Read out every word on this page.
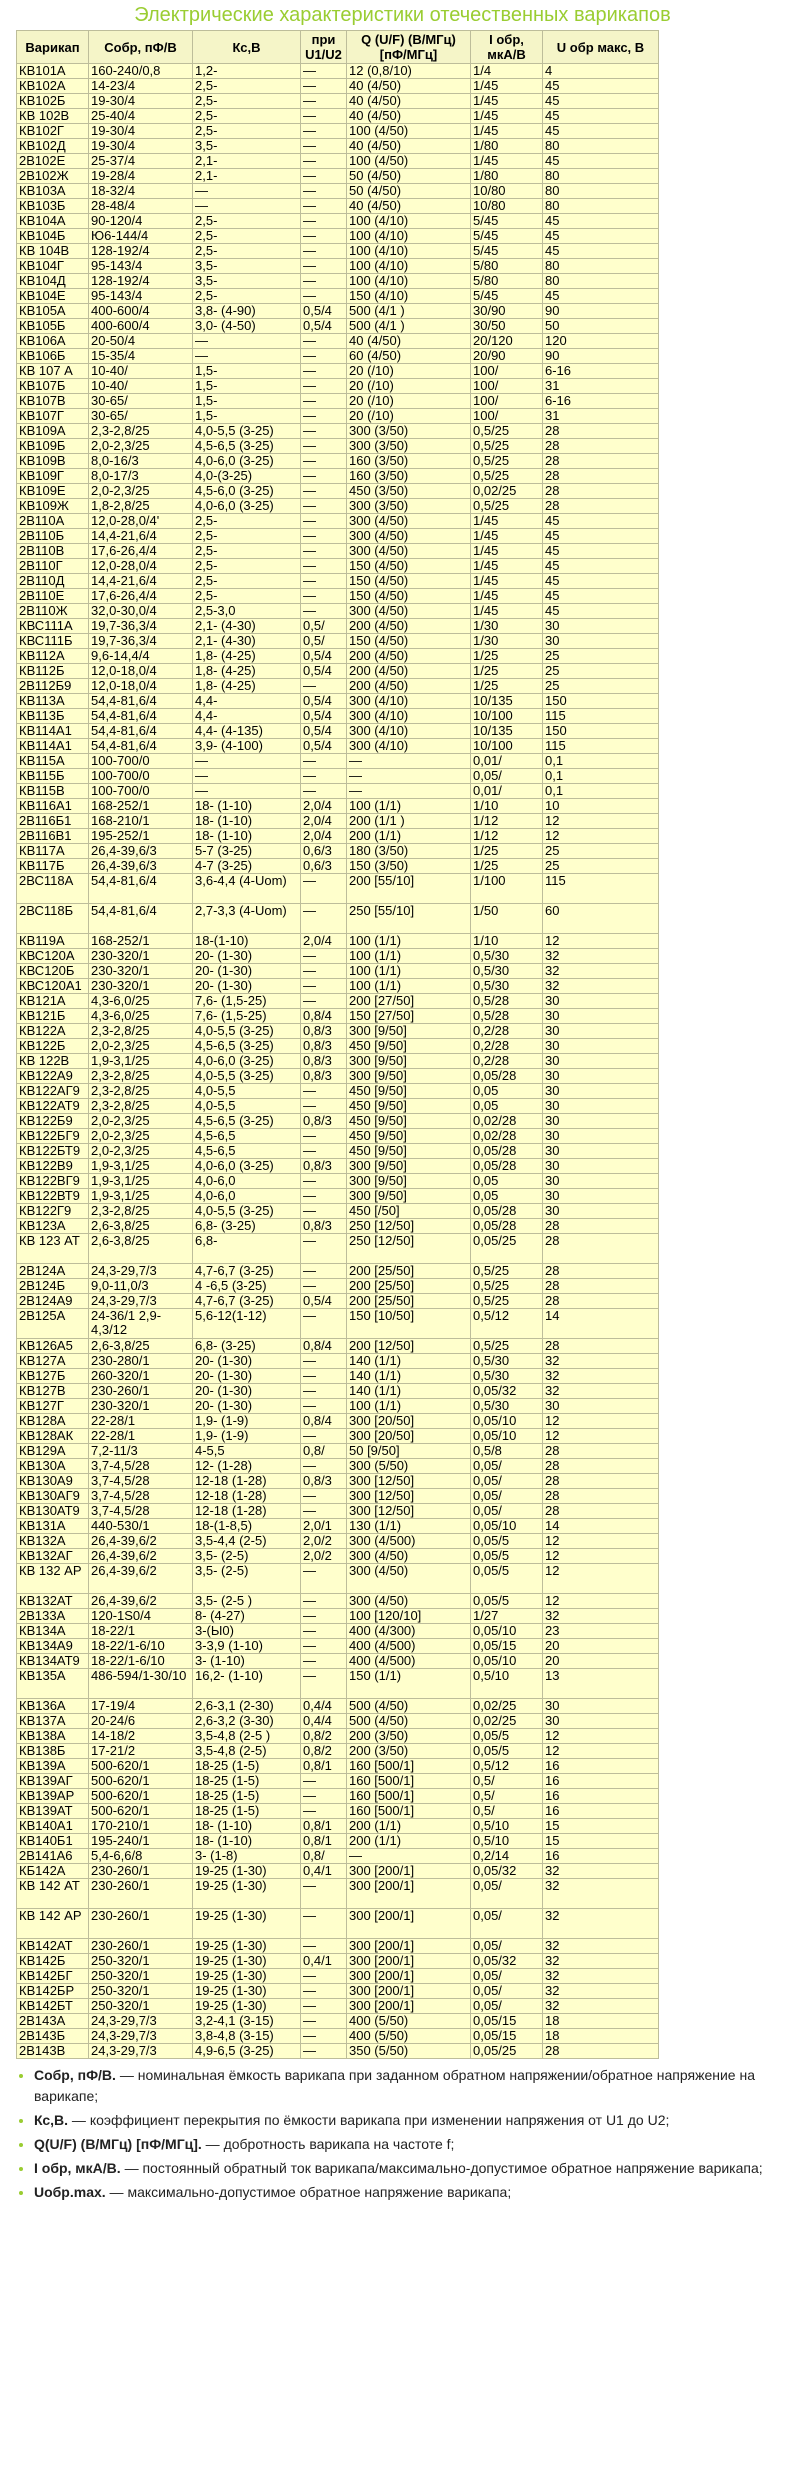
Электрические характеристики отечественных варикапов
Варикап	Собр, пФ/В	Кс,В	при U1/U2	Q (U/F) (В/МГц) [пФ/МГц]	I обр, мкА/В	U обр макс, В
КВ101А	160-240/0,8	1,2-	—	12 (0,8/10)	1/4	4
КВ102А	14-23/4	2,5-	—	40 (4/50)	1/45	45
КВ102Б	19-30/4	2,5-	—	40 (4/50)	1/45	45
КВ 102В	25-40/4	2,5-	—	40 (4/50)	1/45	45
КВ102Г	19-30/4	2,5-	—	100 (4/50)	1/45	45
КВ102Д	19-30/4	3,5-	—	40 (4/50)	1/80	80
2В102Е	25-37/4	2,1-	—	100 (4/50)	1/45	45
2В102Ж	19-28/4	2,1-	—	50 (4/50)	1/80	80
КВ103А	18-32/4	—	—	50 (4/50)	10/80	80
КВ103Б	28-48/4	—	—	40 (4/50)	10/80	80
КВ104А	90-120/4	2,5-	—	100 (4/10)	5/45	45
КВ104Б	Ю6-144/4	2,5-	—	100 (4/10)	5/45	45
КВ 104В	128-192/4	2,5-	—	100 (4/10)	5/45	45
КВ104Г	95-143/4	3,5-	—	100 (4/10)	5/80	80
КВ104Д	128-192/4	3,5-	—	100 (4/10)	5/80	80
КВ104Е	95-143/4	2,5-	—	150 (4/10)	5/45	45
КВ105А	400-600/4	3,8- (4-90)	0,5/4	500 (4/1 )	30/90	90
КВ105Б	400-600/4	3,0- (4-50)	0,5/4	500 (4/1 )	30/50	50
КВ106А	20-50/4	—	—	40 (4/50)	20/120	120
КВ106Б	15-35/4	—	—	60 (4/50)	20/90	90
КВ 107 А	10-40/	1,5-	—	20 (/10)	100/	6-16
КВ107Б	10-40/	1,5-	—	20 (/10)	100/	31
КВ107В	30-65/	1,5-	—	20 (/10)	100/	6-16
КВ107Г	30-65/	1,5-	—	20 (/10)	100/	31
КВ109А	2,3-2,8/25	4,0-5,5 (3-25)	—	300 (3/50)	0,5/25	28
КВ109Б	2,0-2,3/25	4,5-6,5 (3-25)	—	300 (3/50)	0,5/25	28
КВ109В	8,0-16/3	4,0-6,0 (3-25)	—	160 (3/50)	0,5/25	28
КВ109Г	8,0-17/3	4,0-(3-25)	—	160 (3/50)	0,5/25	28
КВ109Е	2,0-2,3/25	4,5-6,0 (3-25)	—	450 (3/50)	0,02/25	28
КВ109Ж	1,8-2,8/25	4,0-6,0 (3-25)	—	300 (3/50)	0,5/25	28
2В110А	12,0-28,0/4'	2,5-	—	300 (4/50)	1/45	45
2В110Б	14,4-21,6/4	2,5-	—	300 (4/50)	1/45	45
2В110В	17,6-26,4/4	2,5-	—	300 (4/50)	1/45	45
2В110Г	12,0-28,0/4	2,5-	—	150 (4/50)	1/45	45
2В110Д	14,4-21,6/4	2,5-	—	150 (4/50)	1/45	45
2В110Е	17,6-26,4/4	2,5-	—	150 (4/50)	1/45	45
2В110Ж	32,0-30,0/4	2,5-3,0	—	300 (4/50)	1/45	45
КВС111А	19,7-36,3/4	2,1- (4-30)	0,5/	200 (4/50)	1/30	30
КВС111Б	19,7-36,3/4	2,1- (4-30)	0,5/	150 (4/50)	1/30	30
КВ112А	9,6-14,4/4	1,8- (4-25)	0,5/4	200 (4/50)	1/25	25
КВ112Б	12,0-18,0/4	1,8- (4-25)	0,5/4	200 (4/50)	1/25	25
2В112Б9	12,0-18,0/4	1,8- (4-25)	—	200 (4/50)	1/25	25
КВ113А	54,4-81,6/4	4,4-	0,5/4	300 (4/10)	10/135	150
КВ113Б	54,4-81,6/4	4,4-	0,5/4	300 (4/10)	10/100	115
КВ114А1	54,4-81,6/4	4,4- (4-135)	0,5/4	300 (4/10)	10/135	150
КВ114А1	54,4-81,6/4	3,9- (4-100)	0,5/4	300 (4/10)	10/100	115
КВ115А	100-700/0	—	—	—	0,01/	0,1
КВ115Б	100-700/0	—	—	—	0,05/	0,1
КВ115В	100-700/0	—	—	—	0,01/	0,1
КВ116А1	168-252/1	18- (1-10)	2,0/4	100 (1/1)	1/10	10
2В116Б1	168-210/1	18- (1-10)	2,0/4	200 (1/1 )	1/12	12
2В116В1	195-252/1	18- (1-10)	2,0/4	200 (1/1)	1/12	12
КВ117А	26,4-39,6/3	5-7 (3-25)	0,6/3	180 (3/50)	1/25	25
КВ117Б	26,4-39,6/3	4-7 (3-25)	0,6/3	150 (3/50)	1/25	25
2ВС118А	54,4-81,6/4	3,6-4,4 (4-Uom)	—	200 [55/10]	1/100	115
2ВС118Б	54,4-81,6/4	2,7-3,3 (4-Uom)	—	250 [55/10]	1/50	60
КВ119А	168-252/1	18-(1-10)	2,0/4	100 (1/1)	1/10	12
КВС120А	230-320/1	20- (1-30)	—	100 (1/1)	0,5/30	32
КВС120Б	230-320/1	20- (1-30)	—	100 (1/1)	0,5/30	32
КВС120А1	230-320/1	20- (1-30)	—	100 (1/1)	0,5/30	32
КВ121А	4,3-6,0/25	7,6- (1,5-25)	—	200 [27/50]	0,5/28	30
КВ121Б	4,3-6,0/25	7,6- (1,5-25)	0,8/4	150 [27/50]	0,5/28	30
КВ122А	2,3-2,8/25	4,0-5,5 (3-25)	0,8/3	300 [9/50]	0,2/28	30
КВ122Б	2,0-2,3/25	4,5-6,5 (3-25)	0,8/3	450 [9/50]	0,2/28	30
КВ 122В	1,9-3,1/25	4,0-6,0 (3-25)	0,8/3	300 [9/50]	0,2/28	30
КВ122А9	2,3-2,8/25	4,0-5,5 (3-25)	0,8/3	300 [9/50]	0,05/28	30
КВ122АГ9	2,3-2,8/25	4,0-5,5	—	450 [9/50]	0,05	30
КВ122АТ9	2,3-2,8/25	4,0-5,5	—	450 [9/50]	0,05	30
КВ122Б9	2,0-2,3/25	4,5-6,5 (3-25)	0,8/3	450 [9/50]	0,02/28	30
КВ122БГ9	2,0-2,3/25	4,5-6,5	—	450 [9/50]	0,02/28	30
КВ122БТ9	2,0-2,3/25	4,5-6,5	—	450 [9/50]	0,05/28	30
КВ122В9	1,9-3,1/25	4,0-6,0 (3-25)	0,8/3	300 [9/50]	0,05/28	30
КВ122ВГ9	1,9-3,1/25	4,0-6,0	—	300 [9/50]	0,05	30
КВ122ВТ9	1,9-3,1/25	4,0-6,0	—	300 [9/50]	0,05	30
КВ122Г9	2,3-2,8/25	4,0-5,5 (3-25)	—	450 [/50]	0,05/28	30
КВ123А	2,6-3,8/25	6,8- (3-25)	0,8/3	250 [12/50]	0,05/28	28
КВ 123 АТ	2,6-3,8/25	6,8-	—	250 [12/50]	0,05/25	28
2В124А	24,3-29,7/3	4,7-6,7 (3-25)	—	200 [25/50]	0,5/25	28
2В124Б	9,0-11,0/3	4 -6,5 (3-25)	—	200 [25/50]	0,5/25	28
2В124А9	24,3-29,7/3	4,7-6,7 (3-25)	0,5/4	200 [25/50]	0,5/25	28
2В125А	24-36/1 2,9-4,3/12	5,6-12(1-12)	—	150 [10/50]	0,5/12	14
КВ126А5	2,6-3,8/25	6,8- (3-25)	0,8/4	200 [12/50]	0,5/25	28
КВ127А	230-280/1	20- (1-30)	—	140 (1/1)	0,5/30	32
КВ127Б	260-320/1	20- (1-30)	—	140 (1/1)	0,5/30	32
КВ127В	230-260/1	20- (1-30)	—	140 (1/1)	0,05/32	32
КВ127Г	230-320/1	20- (1-30)	—	100 (1/1)	0,5/30	30
КВ128А	22-28/1	1,9- (1-9)	0,8/4	300 [20/50]	0,05/10	12
КВ128АК	22-28/1	1,9- (1-9)	—	300 [20/50]	0,05/10	12
КВ129А	7,2-11/3	4-5,5	0,8/	50 [9/50]	0,5/8	28
КВ130А	3,7-4,5/28	12- (1-28)	—	300 (5/50)	0,05/	28
КВ130А9	3,7-4,5/28	12-18 (1-28)	0,8/3	300 [12/50]	0,05/	28
КВ130АГ9	3,7-4,5/28	12-18 (1-28)	—	300 [12/50]	0,05/	28
КВ130АТ9	3,7-4,5/28	12-18 (1-28)	—	300 [12/50]	0,05/	28
КВ131А	440-530/1	18-(1-8,5)	2,0/1	130 (1/1)	0,05/10	14
КВ132А	26,4-39,6/2	3,5-4,4 (2-5)	2,0/2	300 (4/500)	0,05/5	12
КВ132АГ	26,4-39,6/2	3,5- (2-5)	2,0/2	300 (4/50)	0,05/5	12
КВ 132 АР	26,4-39,6/2	3,5- (2-5)	—	300 (4/50)	0,05/5	12
КВ132АТ	26,4-39,6/2	3,5- (2-5 )	—	300 (4/50)	0,05/5	12
2В133А	120-1S0/4	8- (4-27)	—	100 [120/10]	1/27	32
КВ134А	18-22/1	3-(Ы0)	—	400 (4/300)	0,05/10	23
КВ134А9	18-22/1-6/10	3-3,9 (1-10)	—	400 (4/500)	0,05/15	20
КВ134АТ9	18-22/1-6/10	3- (1-10)	—	400 (4/500)	0,05/10	20
КВ135А	486-594/1-30/10	16,2- (1-10)	—	150 (1/1)	0,5/10	13
КВ136А	17-19/4	2,6-3,1 (2-30)	0,4/4	500 (4/50)	0,02/25	30
КВ137А	20-24/6	2,6-3,2 (3-30)	0,4/4	500 (4/50)	0,02/25	30
КВ138А	14-18/2	3,5-4,8 (2-5 )	0,8/2	200 (3/50)	0,05/5	12
КВ138Б	17-21/2	3,5-4,8 (2-5)	0,8/2	200 (3/50)	0,05/5	12
КВ139А	500-620/1	18-25 (1-5)	0,8/1	160 [500/1]	0,5/12	16
КВ139АГ	500-620/1	18-25 (1-5)	—	160 [500/1]	0,5/	16
КВ139АР	500-620/1	18-25 (1-5)	—	160 [500/1]	0,5/	16
КВ139АТ	500-620/1	18-25 (1-5)	—	160 [500/1]	0,5/	16
КВ140А1	170-210/1	18- (1-10)	0,8/1	200 (1/1)	0,5/10	15
КВ140Б1	195-240/1	18- (1-10)	0,8/1	200 (1/1)	0,5/10	15
2В141А6	5,4-6,6/8	3- (1-8)	0,8/	—	0,2/14	16
КБ142А	230-260/1	19-25 (1-30)	0,4/1	300 [200/1]	0,05/32	32
КВ 142 АТ	230-260/1	19-25 (1-30)	—	300 [200/1]	0,05/	32
КВ 142 АР	230-260/1	19-25 (1-30)	—	300 [200/1]	0,05/	32
КВ142АТ	230-260/1	19-25 (1-30)	—	300 [200/1]	0,05/	32
КВ142Б	250-320/1	19-25 (1-30)	0,4/1	300 [200/1]	0,05/32	32
КВ142БГ	250-320/1	19-25 (1-30)	—	300 [200/1]	0,05/	32
КВ142БР	250-320/1	19-25 (1-30)	—	300 [200/1]	0,05/	32
КВ142БТ	250-320/1	19-25 (1-30)	—	300 [200/1]	0,05/	32
2В143А	24,3-29,7/3	3,2-4,1 (3-15)	—	400 (5/50)	0,05/15	18
2В143Б	24,3-29,7/3	3,8-4,8 (3-15)	—	400 (5/50)	0,05/15	18
2В143В	24,3-29,7/3	4,9-6,5 (3-25)	—	350 (5/50)	0,05/25	28
• Собр, пФ/В. — номинальная ёмкость варикапа при заданном обратном напряжении/обратное напряжение на варикапе;
• Кс,В. — коэффициент перекрытия по ёмкости варикапа при изменении напряжения от U1 до U2;
• Q(U/F) (В/МГц) [пФ/МГц]. — добротность варикапа на частоте f;
• I обр, мкА/В. — постоянный обратный ток варикапа/максимально-допустимое обратное напряжение варикапа;
• Uобр.max. — максимально-допустимое обратное напряжение варикапа;
